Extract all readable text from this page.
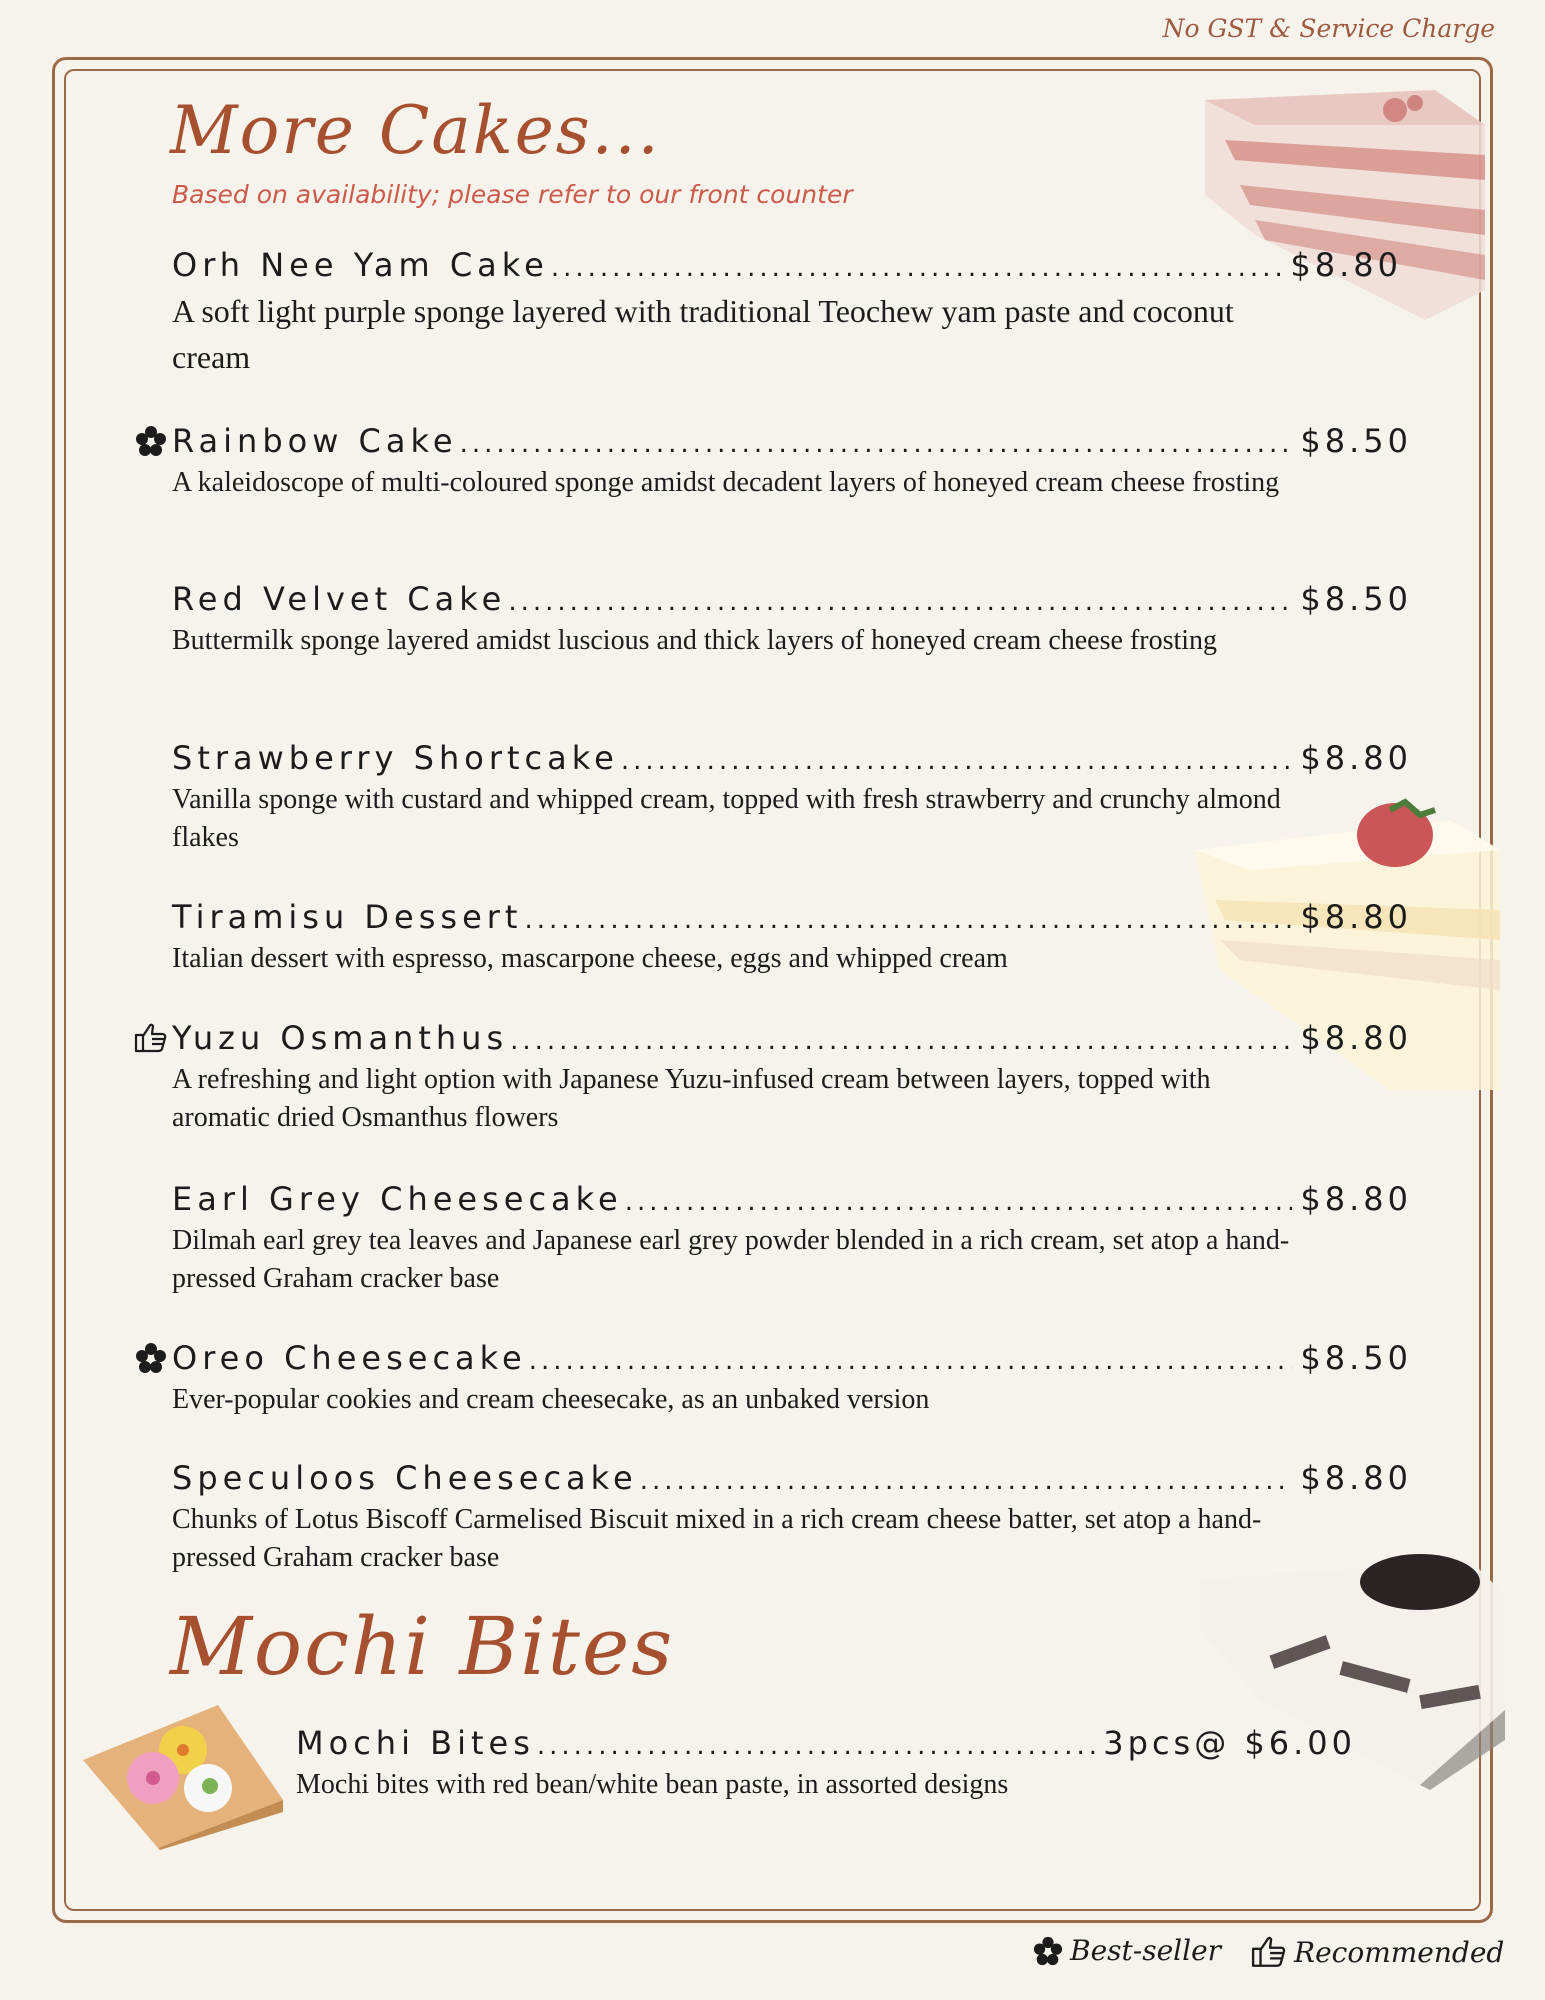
No GST & Service Charge
More Cakes...
Based on availability; please refer to our front counter
Orh Nee Yam Cake .....	$8.80
A soft light purple sponge layered with traditional Teochew yam paste and coconut cream
Rainbow Cake .....	$8.50
A kaleidoscope of multi-coloured sponge amidst decadent layers of honeyed cream cheese frosting
Red Velvet Cake .....	$8.50
Buttermilk sponge layered amidst luscious and thick layers of honeyed cream cheese frosting
Strawberry Shortcake .....	$8.80
Vanilla sponge with custard and whipped cream, topped with fresh strawberry and crunchy almond flakes
Tiramisu Dessert .....	$8.80
Italian dessert with espresso, mascarpone cheese, eggs and whipped cream
Yuzu Osmanthus .....	$8.80
A refreshing and light option with Japanese Yuzu-infused cream between layers, topped with aromatic dried Osmanthus flowers
Earl Grey Cheesecake .....	$8.80
Dilmah earl grey tea leaves and Japanese earl grey powder blended in a rich cream, set atop a hand-pressed Graham cracker base
Oreo Cheesecake .....	$8.50
Ever-popular cookies and cream cheesecake, as an unbaked version
Speculoos Cheesecake .....	$8.80
Chunks of Lotus Biscoff Carmelised Biscuit mixed in a rich cream cheese batter, set atop a hand-pressed Graham cracker base
Mochi Bites
Mochi Bites .....	3pcs@ $6.00
Mochi bites with red bean/white bean paste, in assorted designs
Best-seller	Recommended
